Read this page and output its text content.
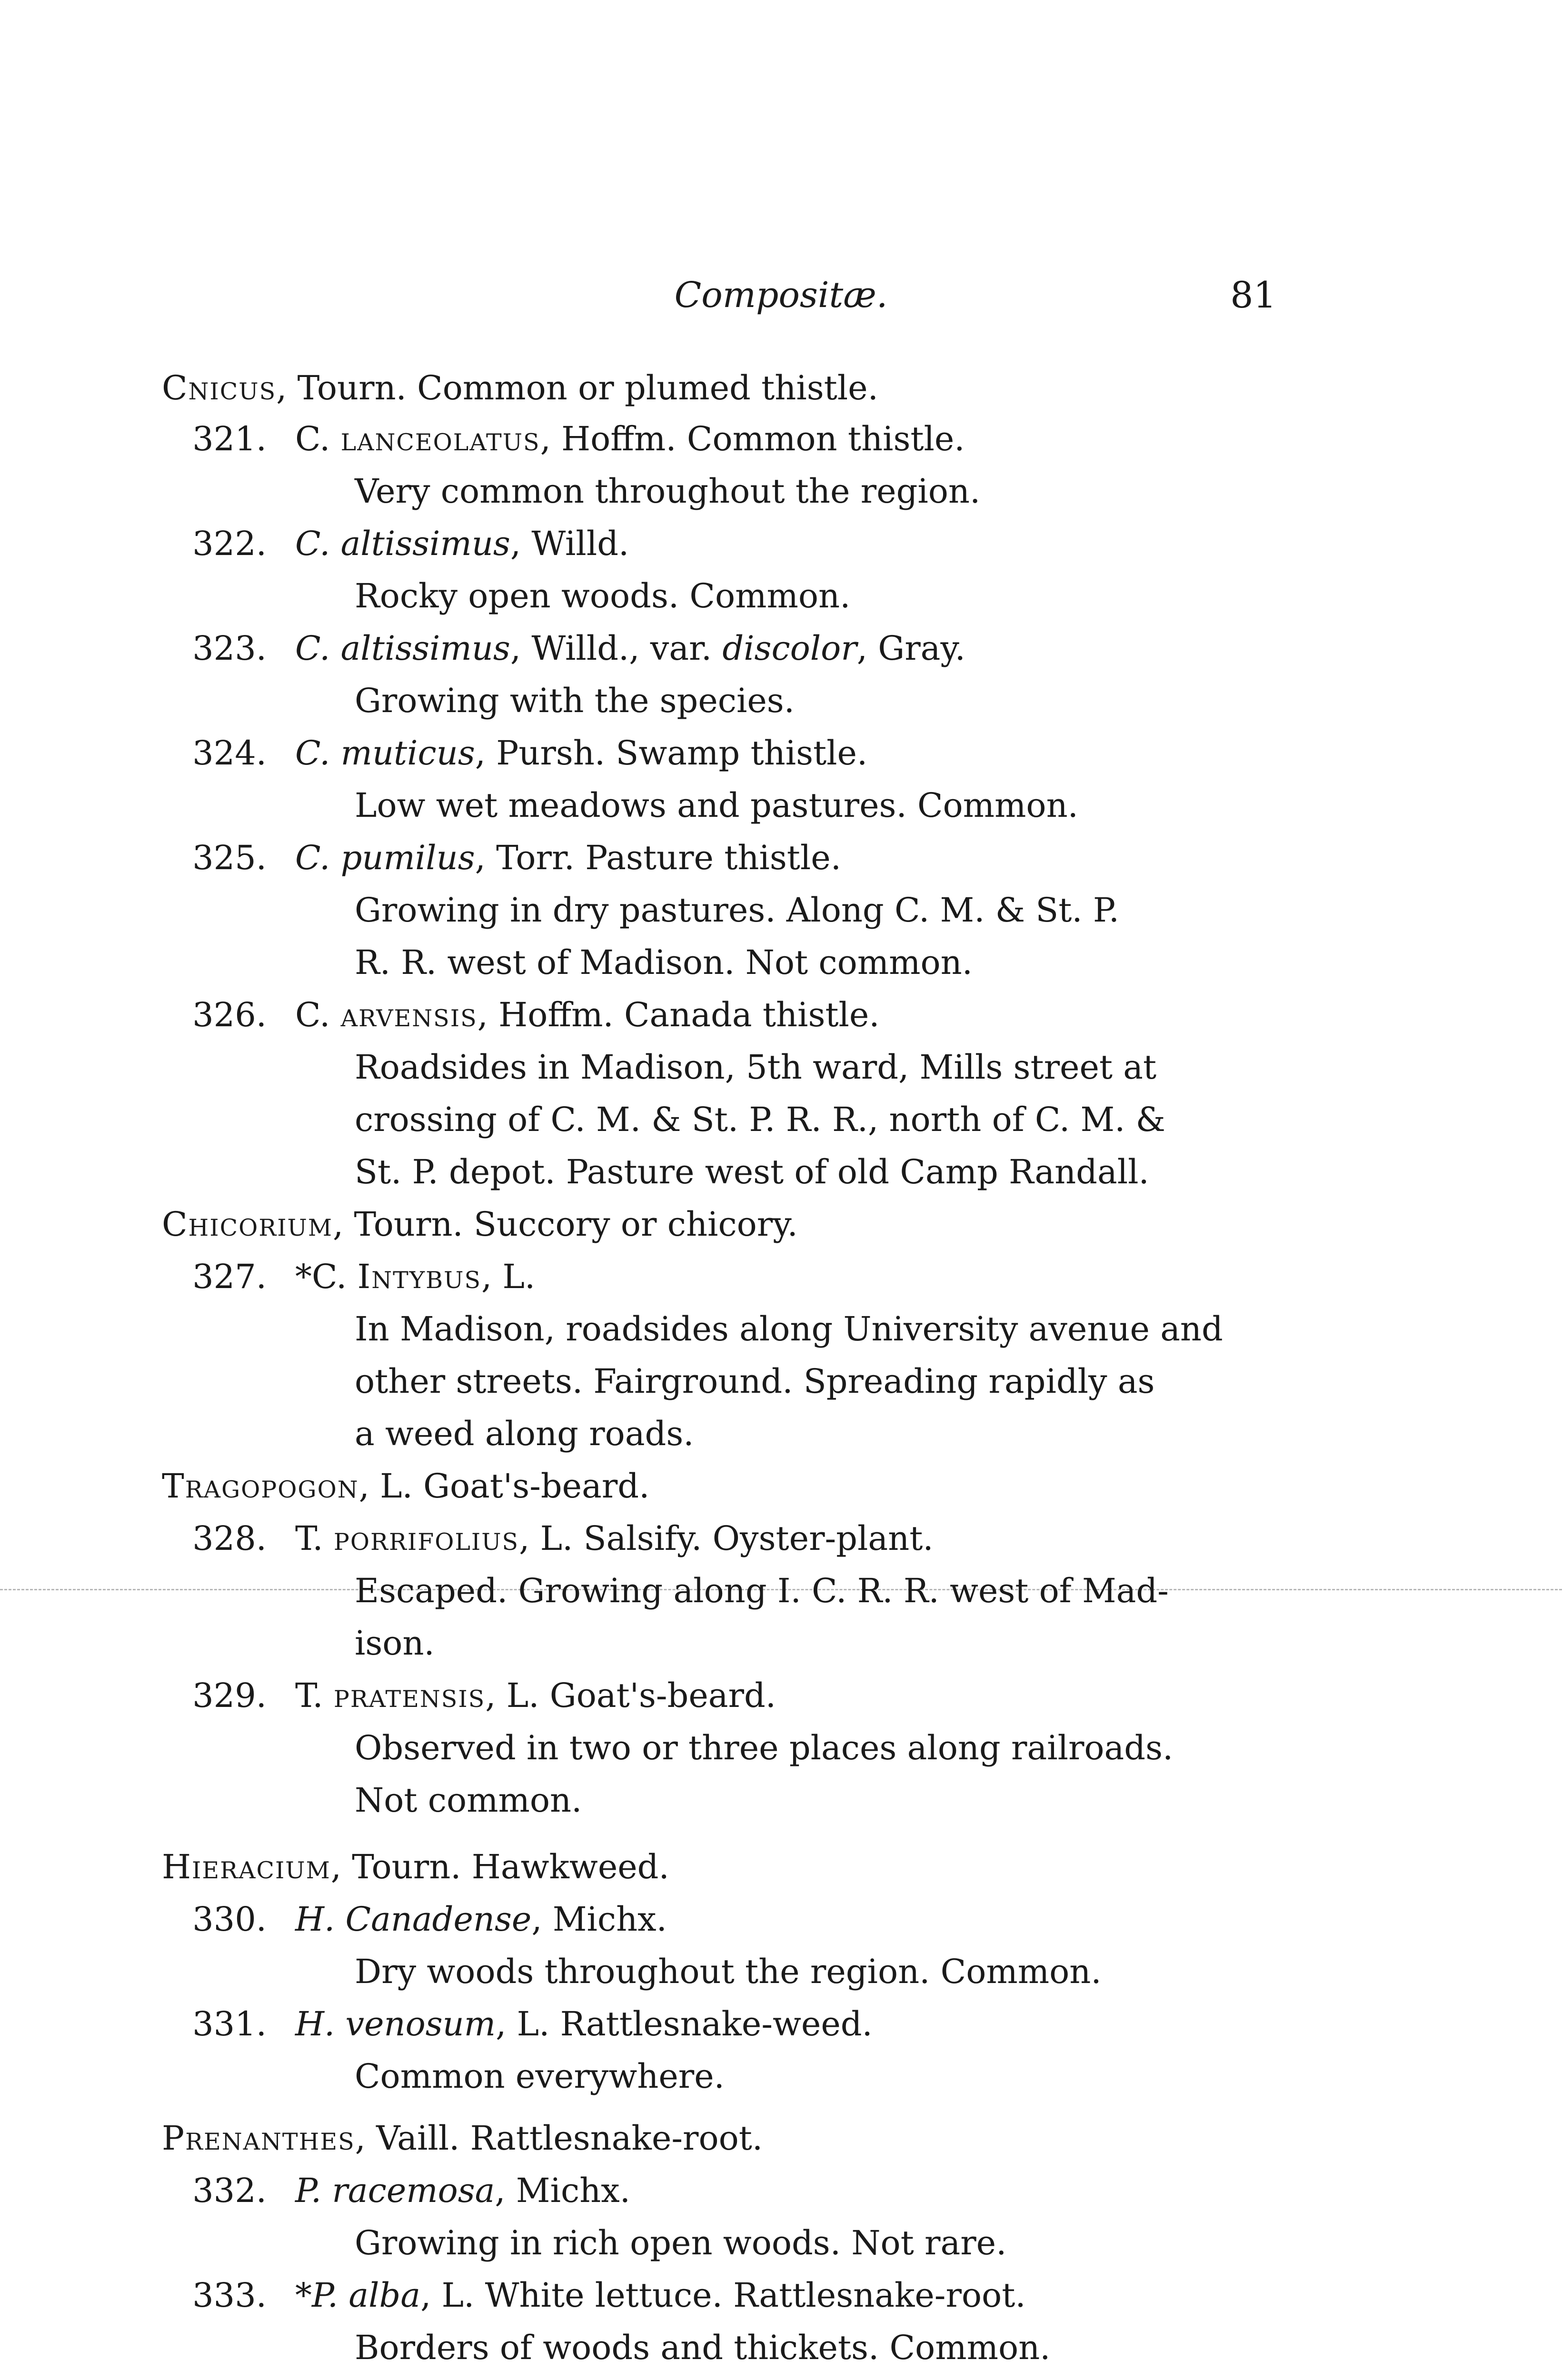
Compositæ.	81
Cnicus, Tourn. Common or plumed thistle.
321. C. lanceolatus, Hoffm. Common thistle.
Very common throughout the region.
322. C. altissimus, Willd.
Rocky open woods. Common.
323. C. altissimus, Willd., var. discolor, Gray.
Growing with the species.
324. C. muticus, Pursh. Swamp thistle.
Low wet meadows and pastures. Common.
325. C. pumilus, Torr. Pasture thistle.
Growing in dry pastures. Along C. M. & St. P.
R. R. west of Madison. Not common.
326. C. arvensis, Hoffm. Canada thistle.
Roadsides in Madison, 5th ward, Mills street at
crossing of C. M. & St. P. R. R., north of C. M. &
St. P. depot. Pasture west of old Camp Randall.
Chicorium, Tourn. Succory or chicory.
327. *C. Intybus, L.
In Madison, roadsides along University avenue and
other streets. Fairground. Spreading rapidly as
a weed along roads.
Tragopogon, L. Goat's-beard.
328. T. porrifolius, L. Salsify. Oyster-plant.
Escaped. Growing along I. C. R. R. west of Mad-
ison.
329. T. pratensis, L. Goat's-beard.
Observed in two or three places along railroads.
Not common.
Hieracium, Tourn. Hawkweed.
330. H. Canadense, Michx.
Dry woods throughout the region. Common.
331. H. venosum, L. Rattlesnake-weed.
Common everywhere.
Prenanthes, Vaill. Rattlesnake-root.
332. P. racemosa, Michx.
Growing in rich open woods. Not rare.
333. *P. alba, L. White lettuce. Rattlesnake-root.
Borders of woods and thickets. Common.
